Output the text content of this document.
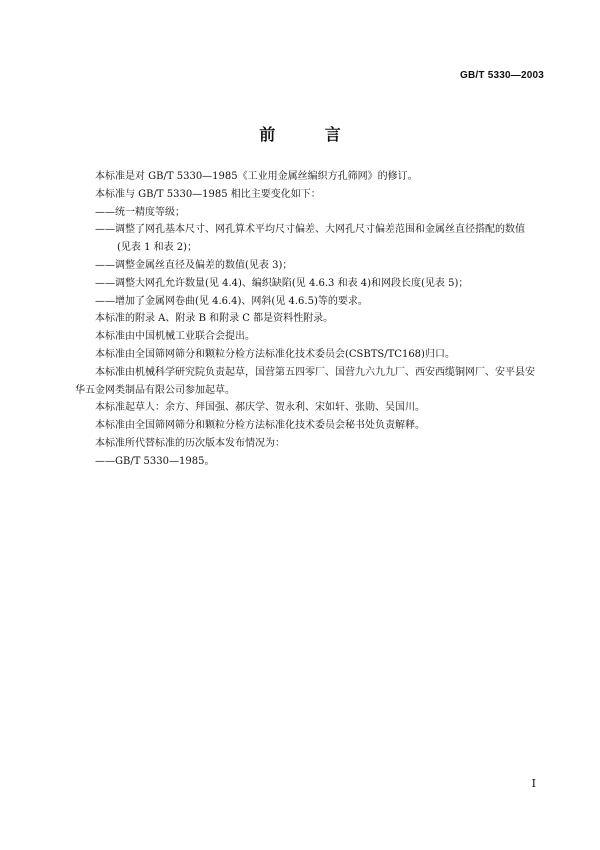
GB/T 5330—2003
前 言

本标准是对 GB/T 5330—1985《工业用金属丝编织方孔筛网》的修订。

本标准与 GB/T 5330—1985 相比主要变化如下：

——统一精度等级；

——调整了网孔基本尺寸、网孔算术平均尺寸偏差、大网孔尺寸偏差范围和金属丝直径搭配的数值

(见表 1 和表 2)；

——调整金属丝直径及偏差的数值(见表 3)；

——调整大网孔允许数量(见 4.4)、编织缺陷(见 4.6.3 和表 4)和网段长度(见表 5)；

——增加了金属网卷曲(见 4.6.4)、网斜(见 4.6.5)等的要求。

本标准的附录 A、附录 B 和附录 C 都是资料性附录。

本标准由中国机械工业联合会提出。

本标准由全国筛网筛分和颗粒分检方法标准化技术委员会(CSBTS/TC168)归口。

本标准由机械科学研究院负责起草，国营第五四零厂、国营九六九九厂、西安西缆铜网厂、安平县安

华五金网类制品有限公司参加起草。

本标准起草人：余方、拜国强、郝庆学、贺永利、宋如轩、张勋、吴国川。

本标准由全国筛网筛分和颗粒分检方法标准化技术委员会秘书处负责解释。

本标准所代替标准的历次版本发布情况为：

——GB/T 5330—1985。

I
